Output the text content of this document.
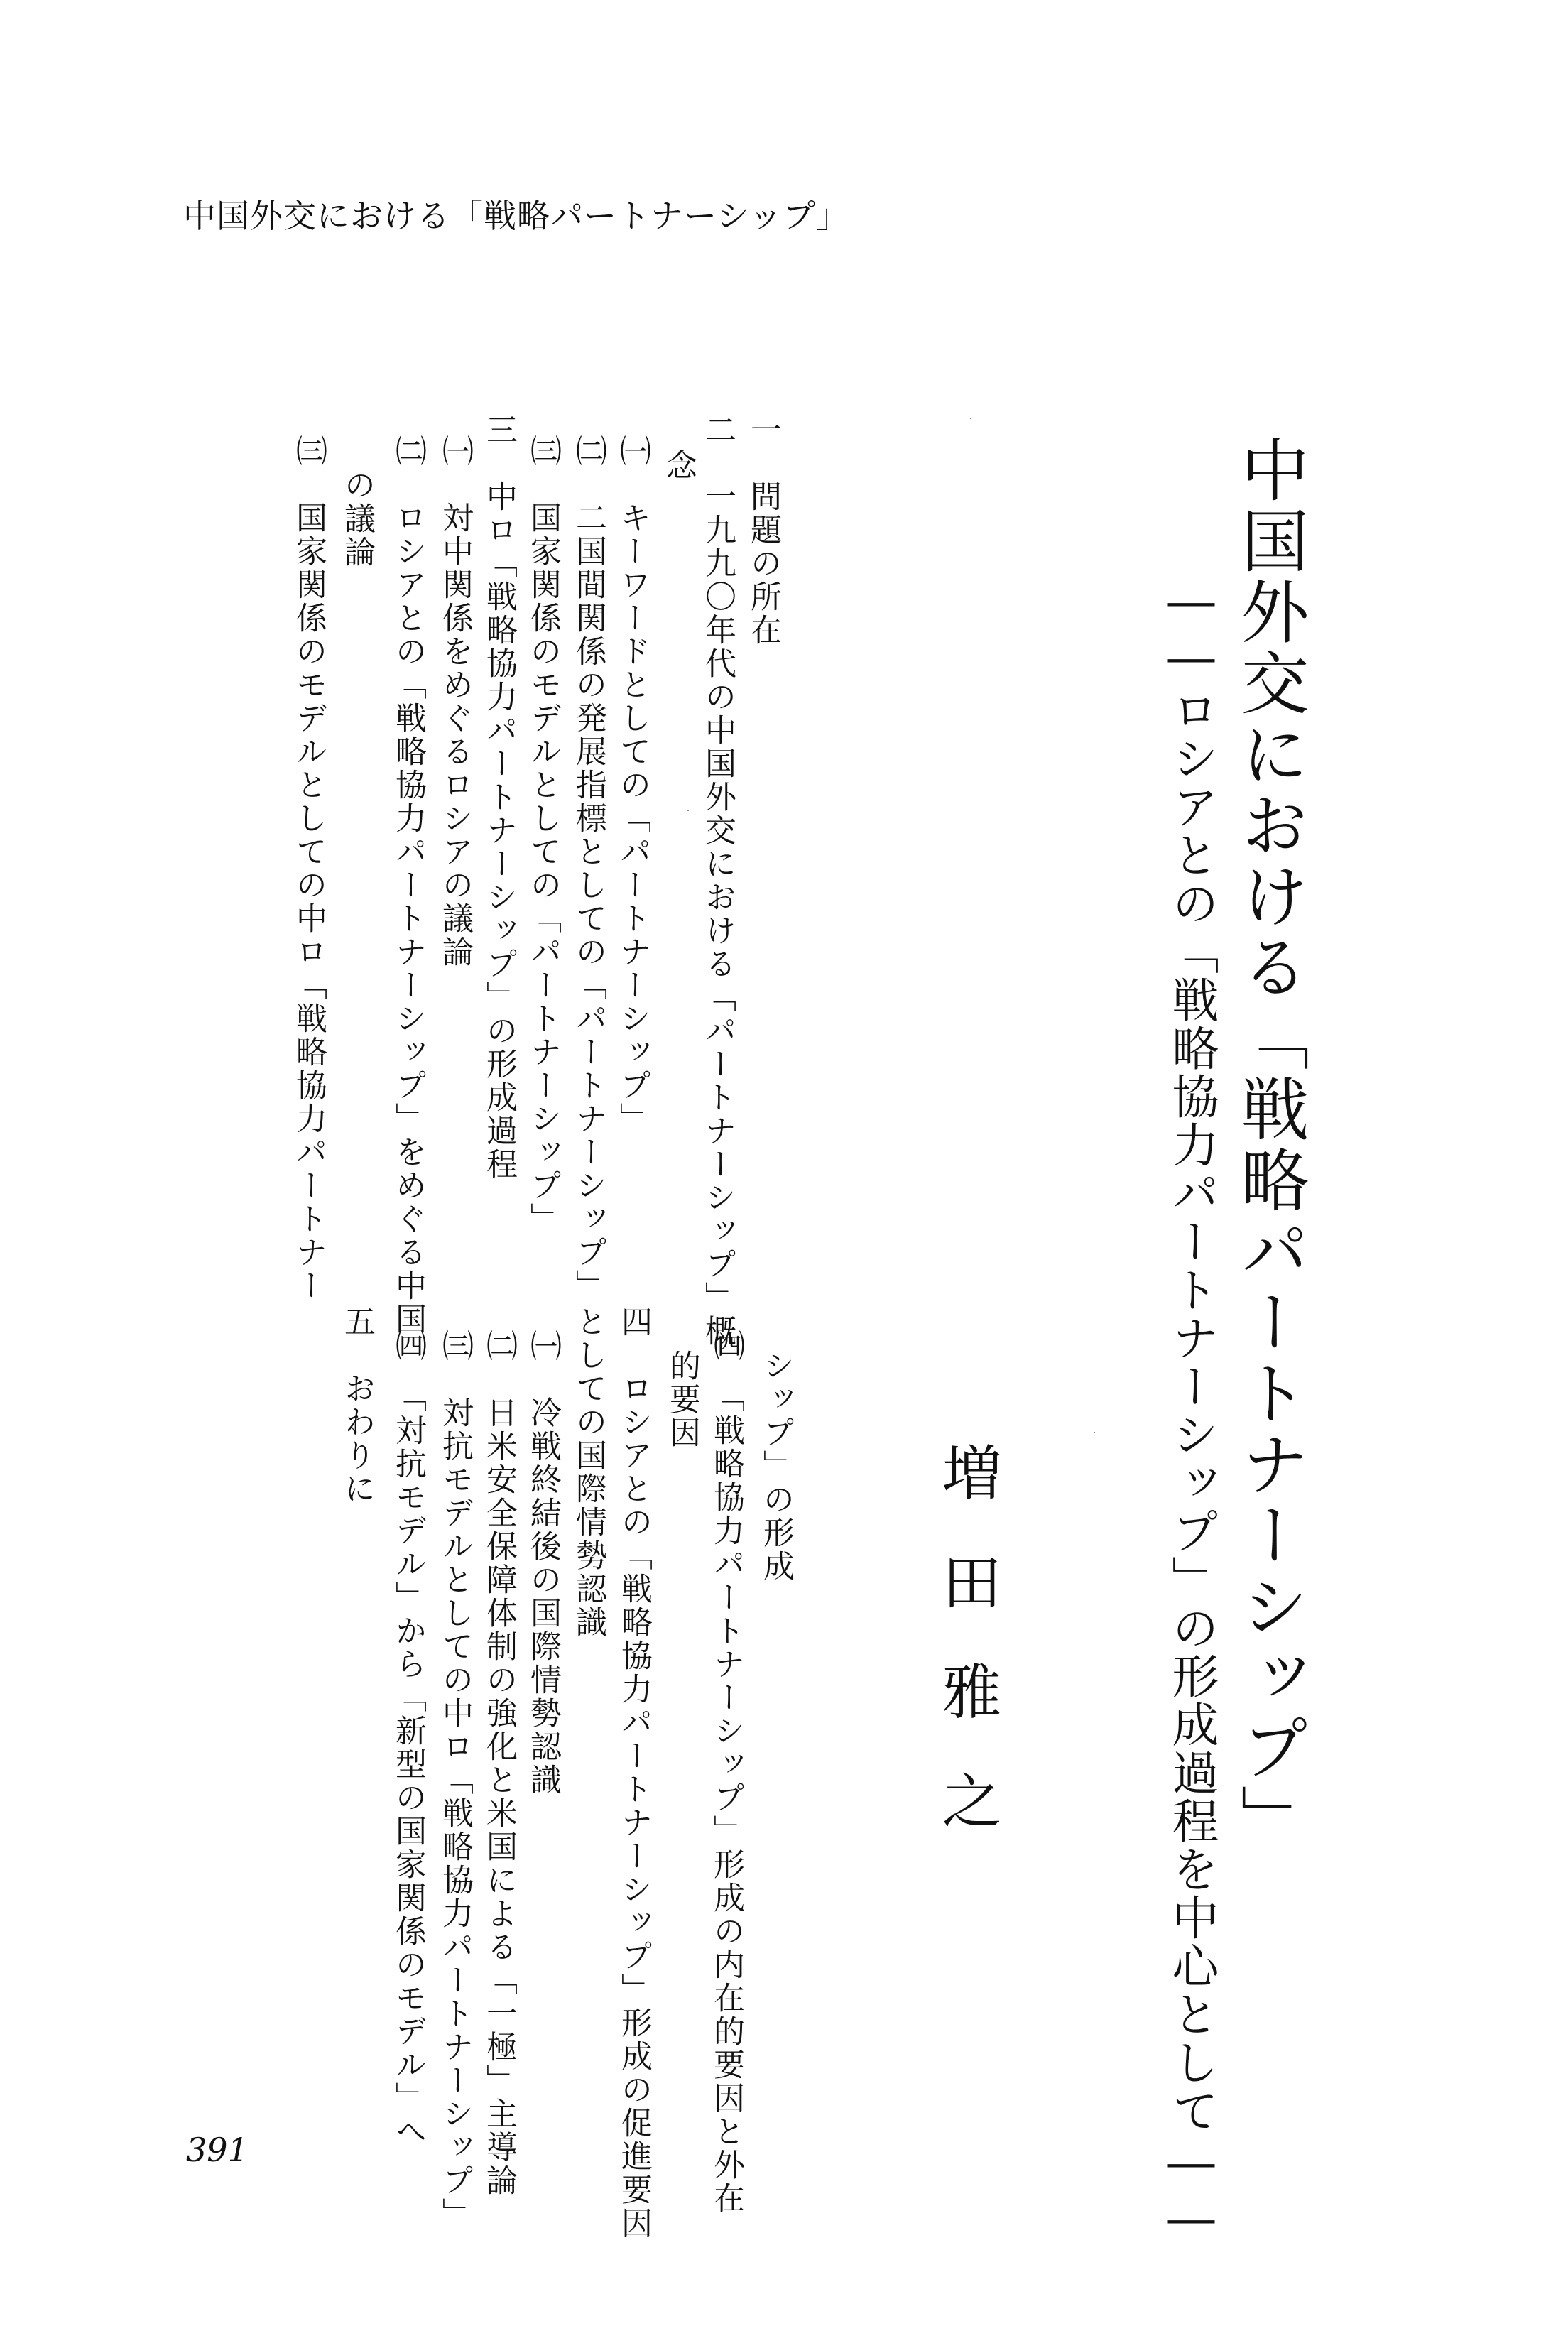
中国外交における「戦略パートナーシップ」
中国外交における「戦略パートナーシップ」
――ロシアとの「戦略協力パートナーシップ」の形成過程を中心として――
増田雅之
一　問題の所在
二　一九九〇年代の中国外交における「パートナーシップ」概
念
㈠　キーワードとしての「パートナーシップ」
㈡　二国間関係の発展指標としての「パートナーシップ」
㈢　国家関係のモデルとしての「パートナーシップ」
三　中ロ「戦略協力パートナーシップ」の形成過程
㈠　対中関係をめぐるロシアの議論
㈡　ロシアとの「戦略協力パートナーシップ」をめぐる中国
の議論
㈢　国家関係のモデルとしての中ロ「戦略協力パートナー
シップ」の形成
㈣　「戦略協力パートナーシップ」形成の内在的要因と外在
的要因
四　ロシアとの「戦略協力パートナーシップ」形成の促進要因
としての国際情勢認識
㈠　冷戦終結後の国際情勢認識
㈡　日米安全保障体制の強化と米国による「一極」主導論
㈢　対抗モデルとしての中ロ「戦略協力パートナーシップ」
㈣　「対抗モデル」から「新型の国家関係のモデル」へ
五　おわりに
391
